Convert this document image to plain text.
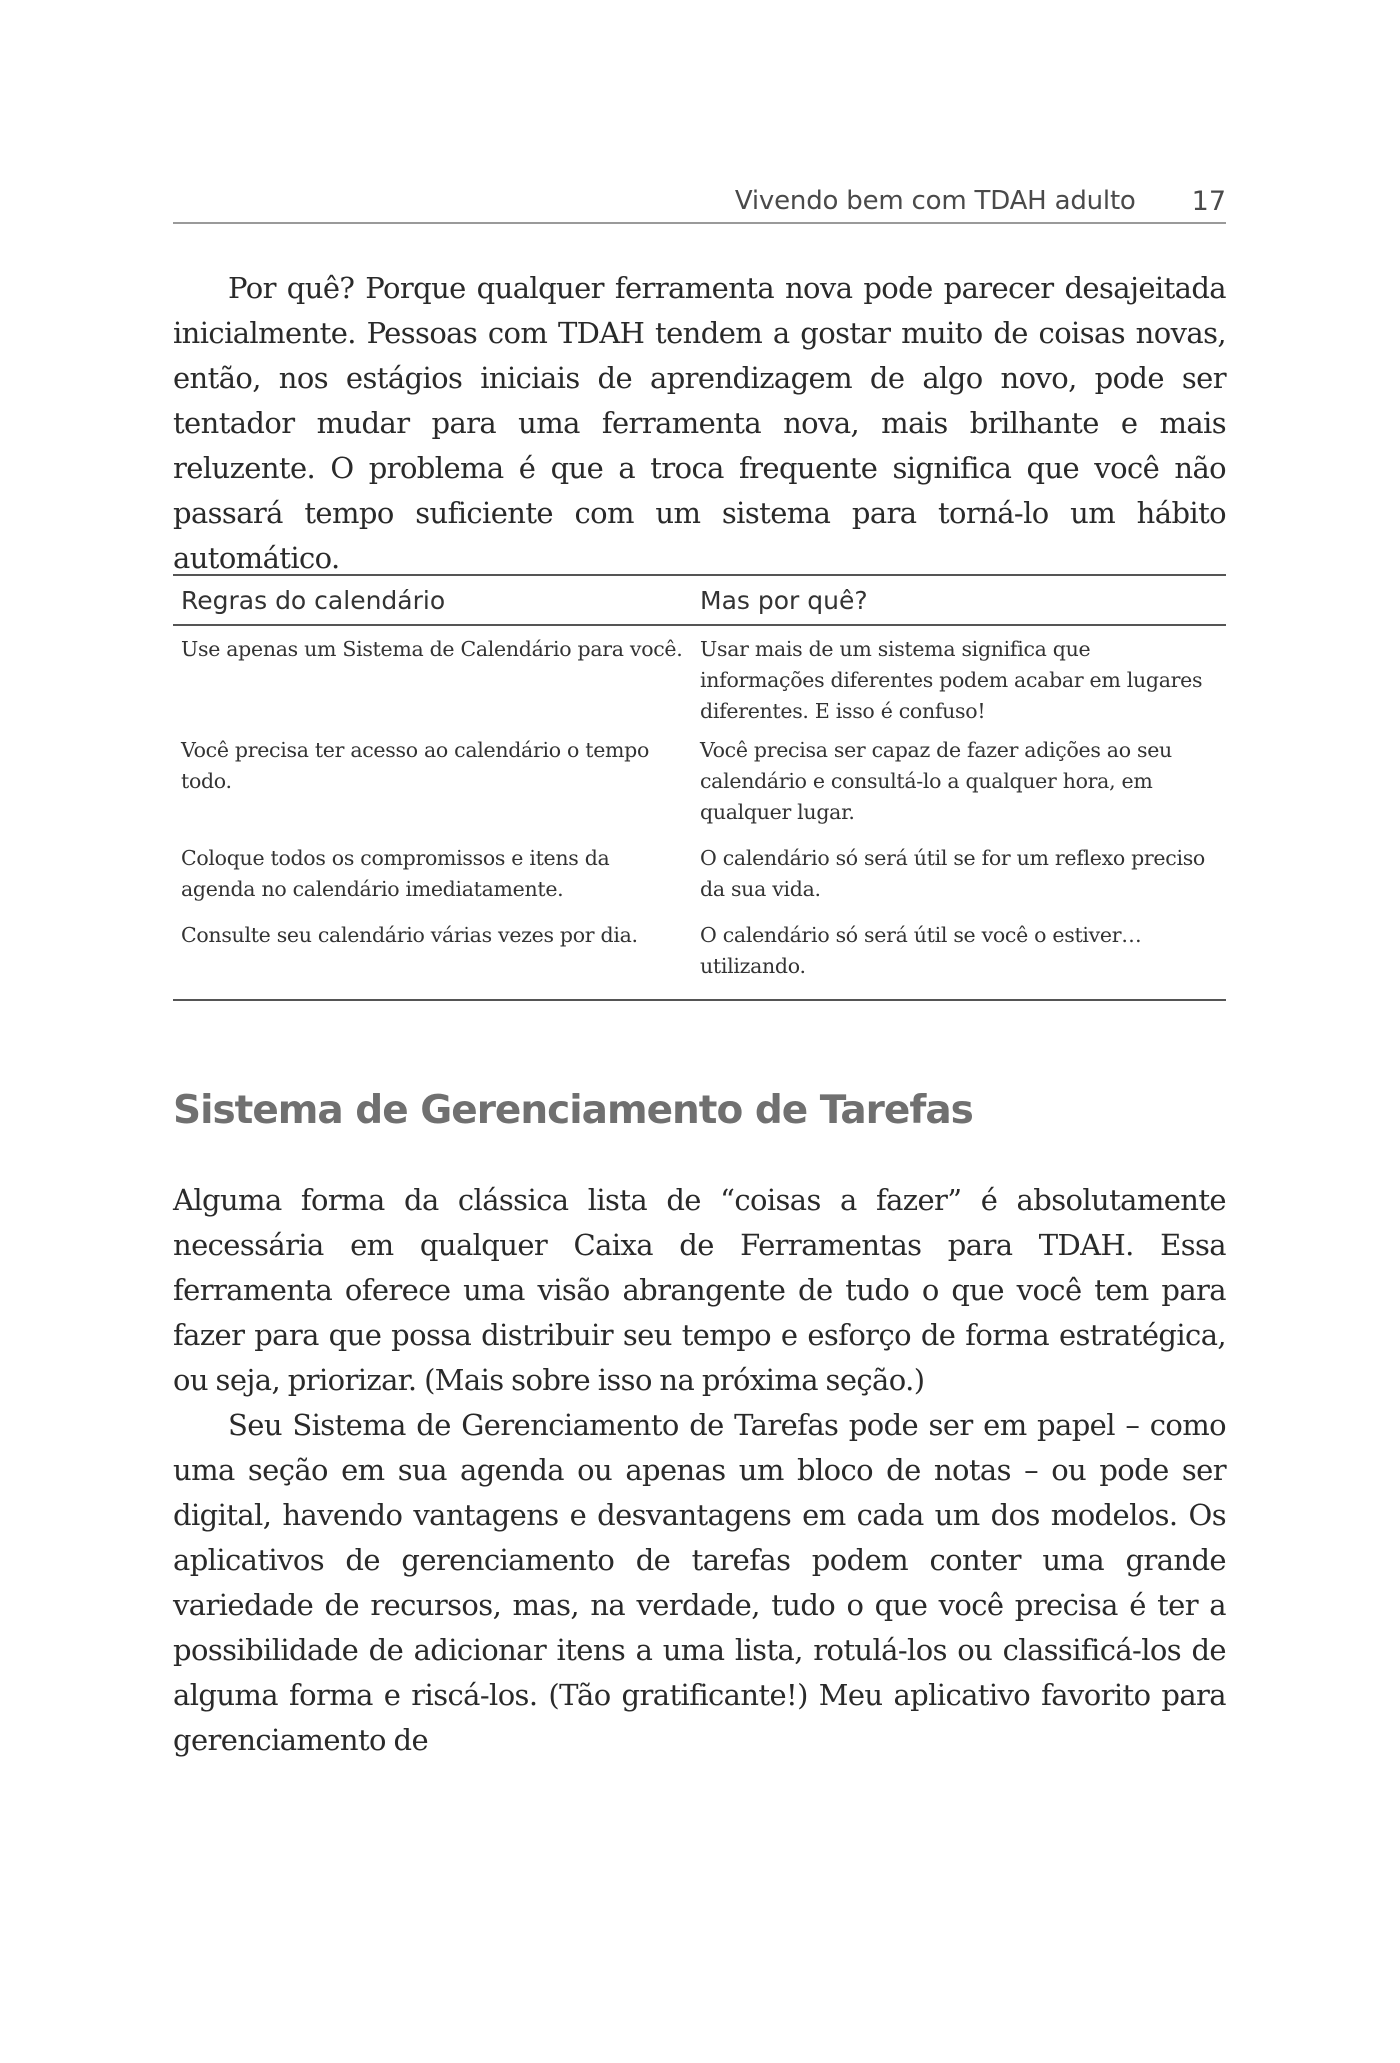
Vivendo bem com TDAH adulto 17

Por quê? Porque qualquer ferramenta nova pode parecer desajeitada inicialmente. Pessoas com TDAH tendem a gostar muito de coisas novas, então, nos estágios iniciais de aprendizagem de algo novo, pode ser tentador mudar para uma ferramenta nova, mais brilhante e mais reluzente. O problema é que a troca frequente significa que você não passará tempo suficiente com um sistema para torná-lo um hábito automático.

Regras do calendário	Mas por quê?
Use apenas um Sistema de Calendário para você. Usar mais de um sistema significa que informações diferentes podem acabar em lugares diferentes. E isso é confuso!
Você precisa ter acesso ao calendário o tempo todo.
Você precisa ser capaz de fazer adições ao seu calendário e consultá-lo a qualquer hora, em qualquer lugar.
Coloque todos os compromissos e itens da agenda no calendário imediatamente.
O calendário só será útil se for um reflexo preciso da sua vida.
Consulte seu calendário várias vezes por dia.	O calendário só será útil se você o estiver… utilizando.
Sistema de Gerenciamento de Tarefas

Alguma forma da clássica lista de “coisas a fazer” é absolutamente necessária em qualquer Caixa de Ferramentas para TDAH. Essa ferramenta oferece uma visão abrangente de tudo o que você tem para fazer para que possa distribuir seu tempo e esforço de forma estratégica, ou seja, priorizar. (Mais sobre isso na próxima seção.)

Seu Sistema de Gerenciamento de Tarefas pode ser em papel – como uma seção em sua agenda ou apenas um bloco de notas – ou pode ser digital, havendo vantagens e desvantagens em cada um dos modelos. Os aplicativos de gerenciamento de tarefas podem conter uma grande variedade de recursos, mas, na verdade, tudo o que você precisa é ter a possibilidade de adicionar itens a uma lista, rotulá-los ou classificá-los de alguma forma e riscá-los. (Tão gratificante!) Meu aplicativo favorito para gerenciamento de
